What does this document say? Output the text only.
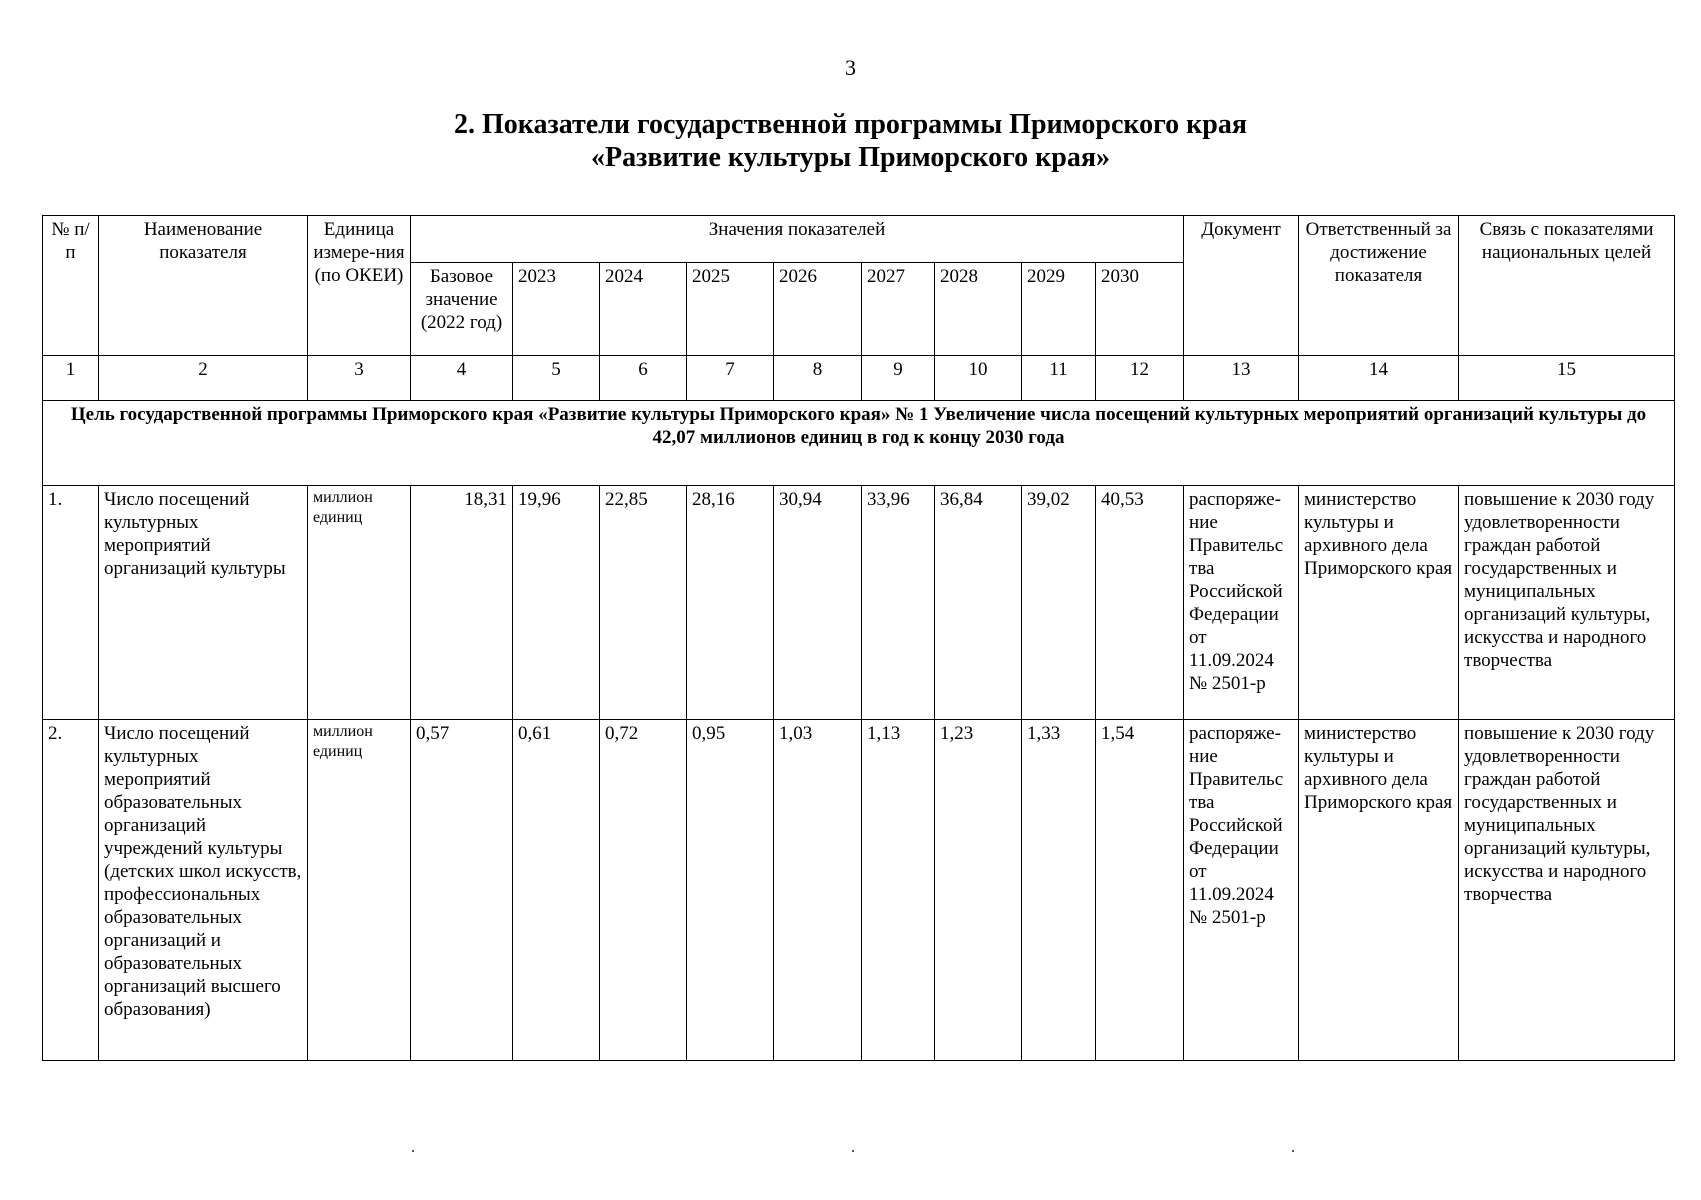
3
2. Показатели государственной программы Приморского края
«Развитие культуры Приморского края»
№ п/п	Наименование показателя	Единица измере-ния (по ОКЕИ)	Значения показателей									Документ	Ответственный за достижение показателя	Связь с показателями национальных целей
			Базовое значение (2022 год)	2023	2024	2025	2026	2027	2028	2029	2030			
1	2	3	4	5	6	7	8	9	10	11	12	13	14	15
Цель государственной программы Приморского края «Развитие культуры Приморского края» № 1 Увеличение числа посещений культурных мероприятий организаций культуры до 42,07 миллионов единиц в год к концу 2030 года														
1.	Число посещений культурных мероприятий организаций культуры	миллион единиц	18,31	19,96	22,85	28,16	30,94	33,96	36,84	39,02	40,53	распоряже-ние Правительс тва Российской Федерации от 11.09.2024 № 2501-р	министерство культуры и архивного дела Приморского края	повышение к 2030 году удовлетворенности граждан работой государственных и муниципальных организаций культуры, искусства и народного творчества
2.	Число посещений культурных мероприятий образовательных организаций учреждений культуры (детских школ искусств, профессиональных образовательных организаций и образовательных организаций высшего образования)	миллион единиц	0,57	0,61	0,72	0,95	1,03	1,13	1,23	1,33	1,54	распоряже-ние Правительс тва Российской Федерации от 11.09.2024 № 2501-р	министерство культуры и архивного дела Приморского края	повышение к 2030 году удовлетворенности граждан работой государственных и муниципальных организаций культуры, искусства и народного творчества
